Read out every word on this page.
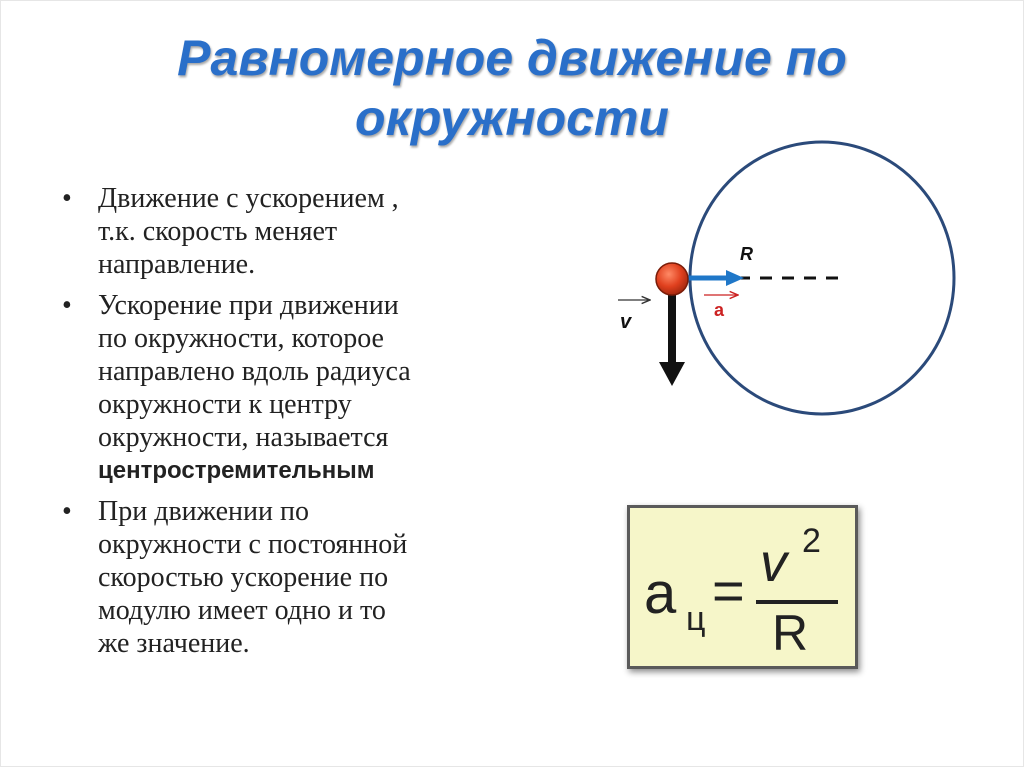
Равномерное движение по
окружности
• Движение с ускорением ,
т.к. скорость меняет
направление.
• Ускорение при движении
по окружности, которое
направлено вдоль радиуса
окружности к центру
окружности, называется
центростремительным
• При движении по
окружности с постоянной
скоростью ускорение по
модулю имеет одно и то
же значение.
R
a
v
a ц = v 2
R
